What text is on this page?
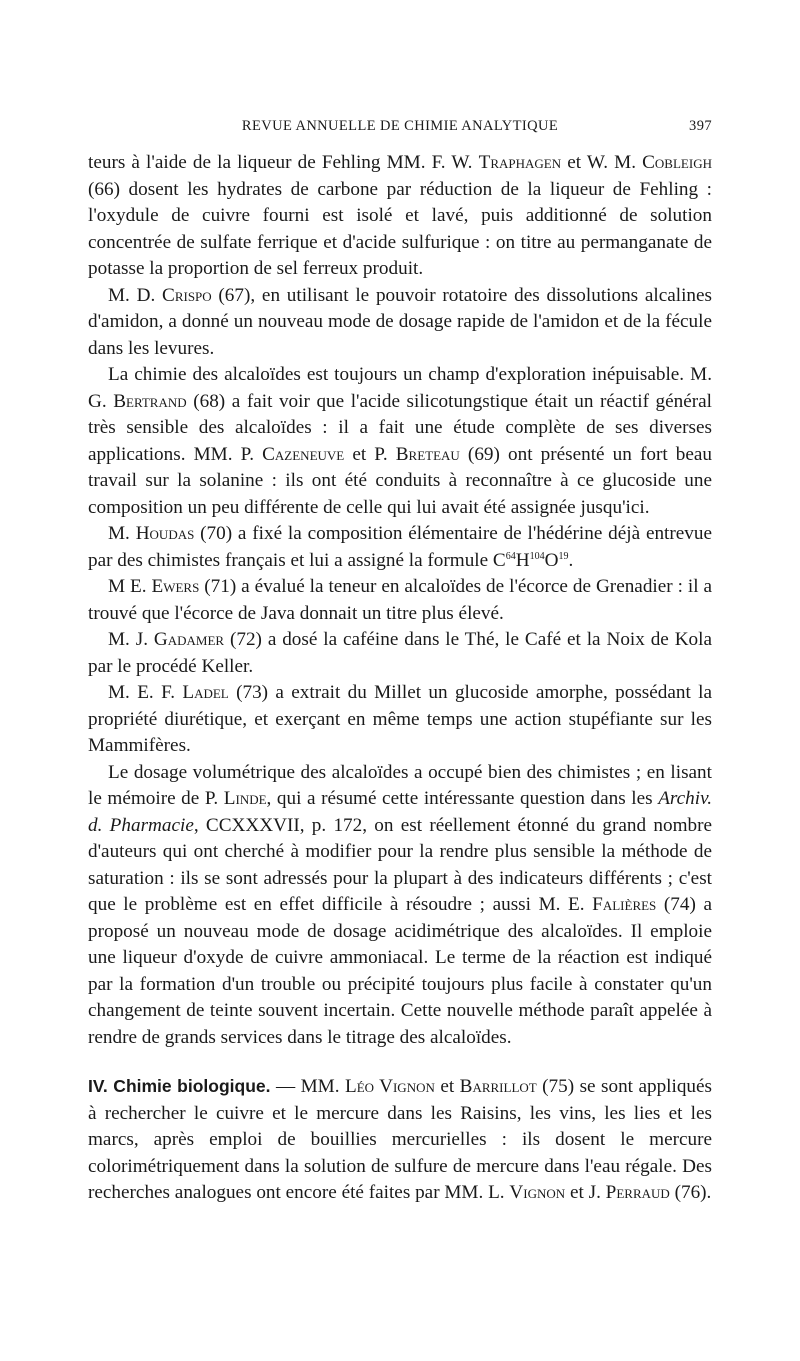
REVUE ANNUELLE DE CHIMIE ANALYTIQUE	397

teurs à l'aide de la liqueur de Fehling MM. F. W. Traphagen et W. M. Cobleigh (66) dosent les hydrates de carbone par réduction de la liqueur de Fehling : l'oxydule de cuivre fourni est isolé et lavé, puis additionné de solution concentrée de sulfate ferrique et d'acide sulfurique : on titre au permanganate de potasse la proportion de sel ferreux produit.

M. D. Crispo (67), en utilisant le pouvoir rotatoire des dissolutions alcalines d'amidon, a donné un nouveau mode de dosage rapide de l'amidon et de la fécule dans les levures.

La chimie des alcaloïdes est toujours un champ d'exploration inépuisable. M. G. Bertrand (68) a fait voir que l'acide silicotungstique était un réactif général très sensible des alcaloïdes : il a fait une étude complète de ses diverses applications. MM. P. Cazeneuve et P. Breteau (69) ont présenté un fort beau travail sur la solanine : ils ont été conduits à reconnaître à ce glucoside une composition un peu différente de celle qui lui avait été assignée jusqu'ici.

M. Houdas (70) a fixé la composition élémentaire de l'hédérine déjà entrevue par des chimistes français et lui a assigné la formule $C^{64}H^{104}O^{19}$.

M E. Ewers (71) a évalué la teneur en alcaloïdes de l'écorce de Grenadier : il a trouvé que l'écorce de Java donnait un titre plus élevé.

M. J. Gadamer (72) a dosé la caféine dans le Thé, le Café et la Noix de Kola par le procédé Keller.

M. E. F. Ladel (73) a extrait du Millet un glucoside amorphe, possédant la propriété diurétique, et exerçant en même temps une action stupéfiante sur les Mammifères.

Le dosage volumétrique des alcaloïdes a occupé bien des chimistes ; en lisant le mémoire de P. Linde, qui a résumé cette intéressante question dans les Archiv. d. Pharmacie, CCXXXVII, p. 172, on est réellement étonné du grand nombre d'auteurs qui ont cherché à modifier pour la rendre plus sensible la méthode de saturation : ils se sont adressés pour la plupart à des indicateurs différents ; c'est que le problème est en effet difficile à résoudre ; aussi M. E. Falières (74) a proposé un nouveau mode de dosage acidimétrique des alcaloïdes. Il emploie une liqueur d'oxyde de cuivre ammoniacal. Le terme de la réaction est indiqué par la formation d'un trouble ou précipité toujours plus facile à constater qu'un changement de teinte souvent incertain. Cette nouvelle méthode paraît appelée à rendre de grands services dans le titrage des alcaloïdes.

IV. Chimie biologique. — MM. Léo Vignon et Barrillot (75) se sont appliqués à rechercher le cuivre et le mercure dans les Raisins, les vins, les lies et les marcs, après emploi de bouillies mercurielles : ils dosent le mercure colorimétriquement dans la solution de sulfure de mercure dans l'eau régale. Des recherches analogues ont encore été faites par MM. L. Vignon et J. Perraud (76).
